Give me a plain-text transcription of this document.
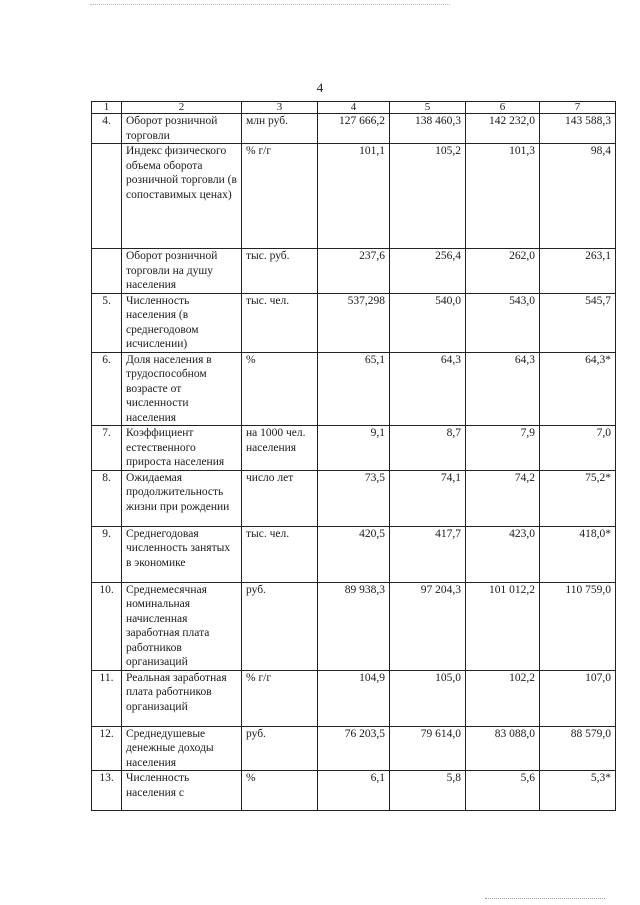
4
1	2	3	4	5	6	7
4.	Оборот розничной торговли	млн руб.	127 666,2	138 460,3	142 232,0	143 588,3
	Индекс физического объема оборота розничной торговли (в сопоставимых ценах)	% г/г	101,1	105,2	101,3	98,4
	Оборот розничной торговли на душу населения	тыс. руб.	237,6	256,4	262,0	263,1
5.	Численность населения (в среднегодовом исчислении)	тыс. чел.	537,298	540,0	543,0	545,7
6.	Доля населения в трудоспособном возрасте от численности населения	%	65,1	64,3	64,3	64,3*
7.	Коэффициент естественного прироста населения	на 1000 чел. населения	9,1	8,7	7,9	7,0
8.	Ожидаемая продолжительность жизни при рождении	число лет	73,5	74,1	74,2	75,2*
9.	Среднегодовая численность занятых в экономике	тыс. чел.	420,5	417,7	423,0	418,0*
10.	Среднемесячная номинальная начисленная заработная плата работников организаций	руб.	89 938,3	97 204,3	101 012,2	110 759,0
11.	Реальная заработная плата работников организаций	% г/г	104,9	105,0	102,2	107,0
12.	Среднедушевые денежные доходы населения	руб.	76 203,5	79 614,0	83 088,0	88 579,0
13.	Численность населения с	%	6,1	5,8	5,6	5,3*
